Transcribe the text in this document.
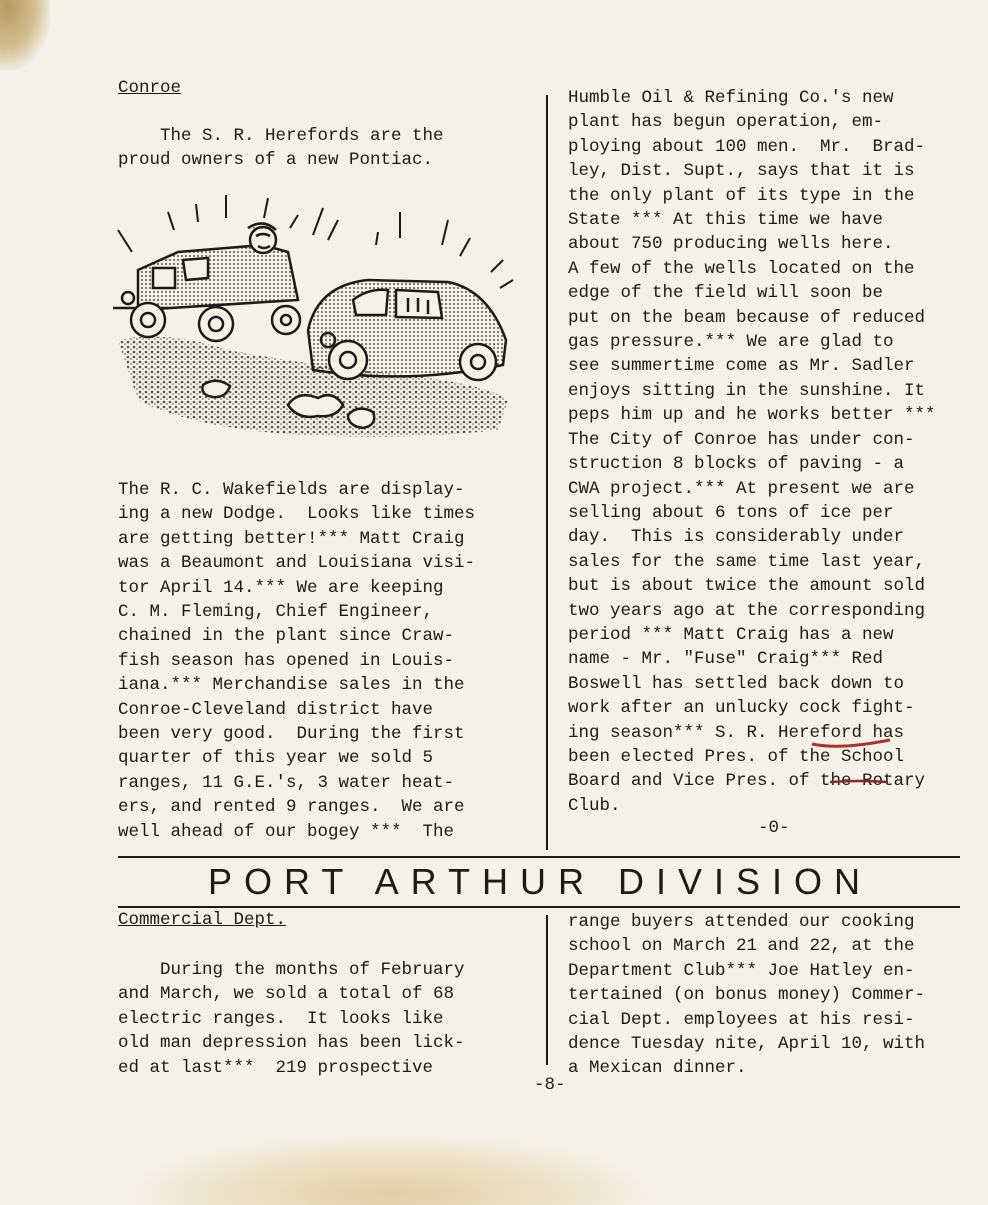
Conroe
The S. R. Herefords are the
proud owners of a new Pontiac.
The R. C. Wakefields are display-
ing a new Dodge.  Looks like times
are getting better!*** Matt Craig
was a Beaumont and Louisiana visi-
tor April 14.*** We are keeping
C. M. Fleming, Chief Engineer,
chained in the plant since Craw-
fish season has opened in Louis-
iana.*** Merchandise sales in the
Conroe-Cleveland district have
been very good.  During the first
quarter of this year we sold 5
ranges, 11 G.E.'s, 3 water heat-
ers, and rented 9 ranges.  We are
well ahead of our bogey ***  The
Humble Oil & Refining Co.'s new
plant has begun operation, em-
ploying about 100 men.  Mr.  Brad-
ley, Dist. Supt., says that it is
the only plant of its type in the
State *** At this time we have
about 750 producing wells here.
A few of the wells located on the
edge of the field will soon be
put on the beam because of reduced
gas pressure.*** We are glad to
see summertime come as Mr. Sadler
enjoys sitting in the sunshine. It
peps him up and he works better ***
The City of Conroe has under con-
struction 8 blocks of paving - a
CWA project.*** At present we are
selling about 6 tons of ice per
day.  This is considerably under
sales for the same time last year,
but is about twice the amount sold
two years ago at the corresponding
period *** Matt Craig has a new
name - Mr. "Fuse" Craig*** Red
Boswell has settled back down to
work after an unlucky cock fight-
ing season*** S. R. Hereford has
been elected Pres. of the School
Board and Vice Pres. of the Rotary
Club.
-0-
PORT ARTHUR DIVISION
Commercial Dept.
During the months of February
and March, we sold a total of 68
electric ranges.  It looks like
old man depression has been lick-
ed at last***  219 prospective
range buyers attended our cooking
school on March 21 and 22, at the
Department Club*** Joe Hatley en-
tertained (on bonus money) Commer-
cial Dept. employees at his resi-
dence Tuesday nite, April 10, with
a Mexican dinner.
-8-
